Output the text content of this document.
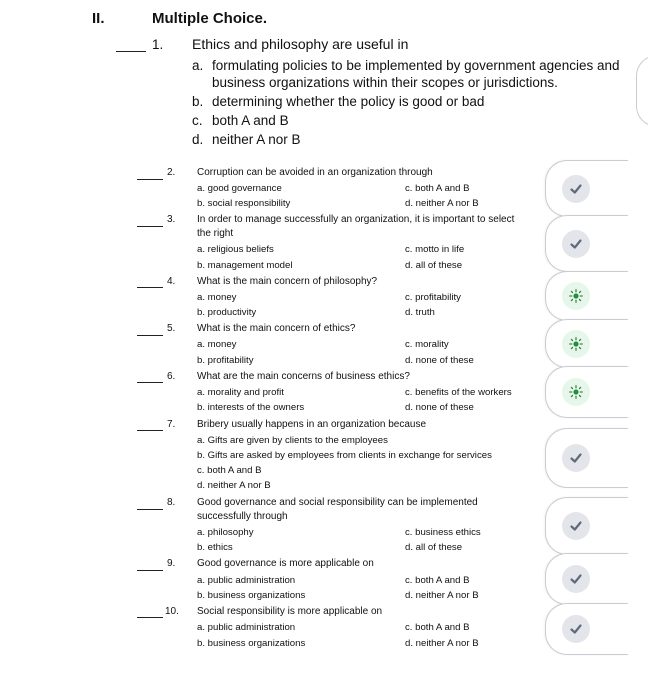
II.	Multiple Choice.
1. Ethics and philosophy are useful in
a. formulating policies to be implemented by government agencies and
business organizations within their scopes or jurisdictions.
b. determining whether the policy is good or bad
c. both A and B
d. neither A nor B
2. Corruption can be avoided in an organization through
a. good governance
b. social responsibility
c. both A and B
d. neither A nor B
3. In order to manage successfully an organization, it is important to select
the right
a. religious beliefs
b. management model
c. motto in life
d. all of these
4. What is the main concern of philosophy?
a. money
b. productivity
c. profitability
d. truth
5. What is the main concern of ethics?
a. money
b. profitability
c. morality
d. none of these
6. What are the main concerns of business ethics?
a. morality and profit
b. interests of the owners
c. benefits of the workers
d. none of these
7. Bribery usually happens in an organization because
a. Gifts are given by clients to the employees
b. Gifts are asked by employees from clients in exchange for services
c. both A and B
d. neither A nor B
8. Good governance and social responsibility can be implemented
successfully through
a. philosophy
b. ethics
c. business ethics
d. all of these
9. Good governance is more applicable on
a. public administration
b. business organizations
c. both A and B
d. neither A nor B
10. Social responsibility is more applicable on
a. public administration
b. business organizations
c. both A and B
d. neither A nor B
